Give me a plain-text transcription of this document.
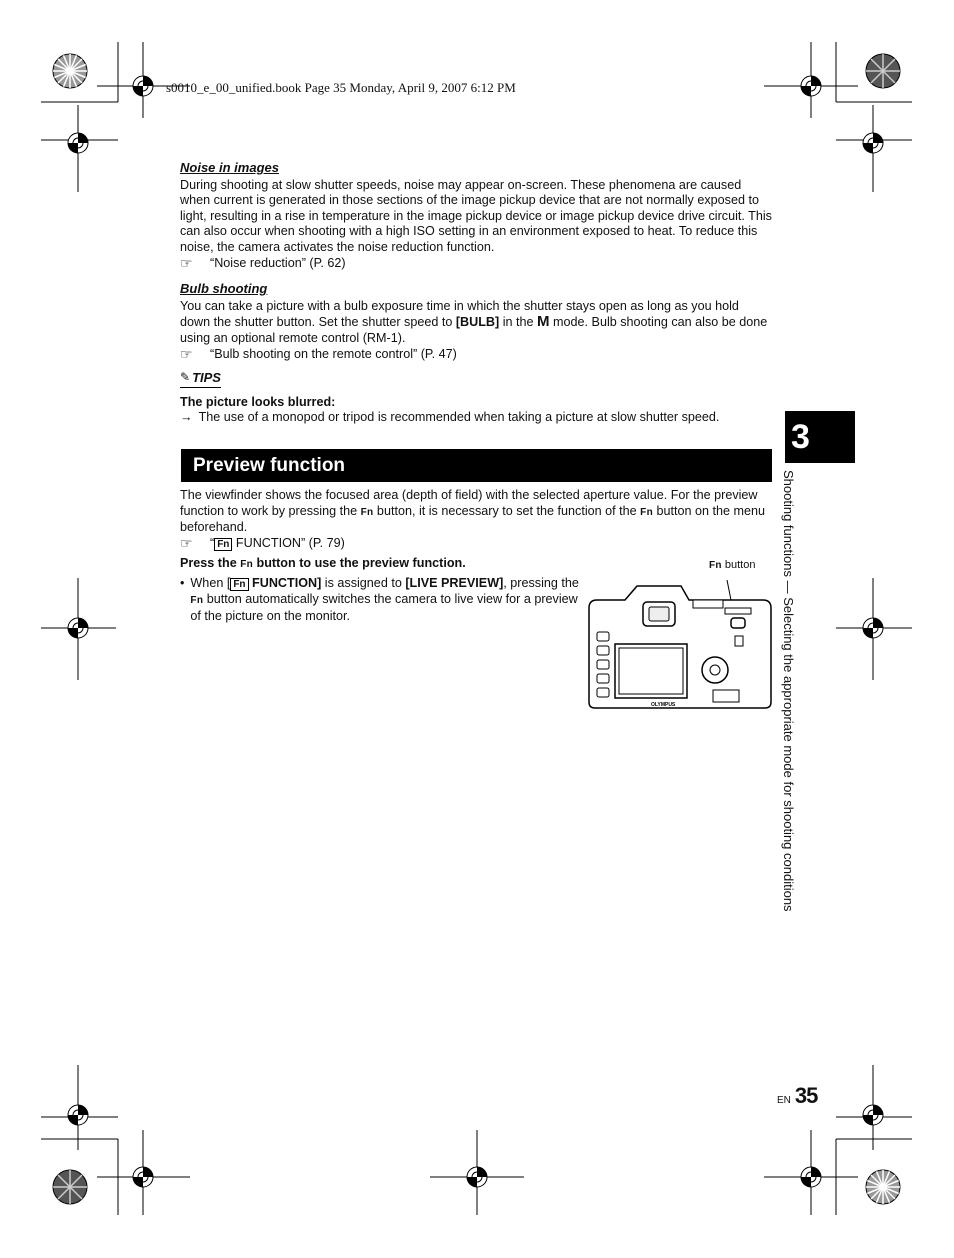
s0010_e_00_unified.book Page 35 Monday, April 9, 2007 6:12 PM
Noise in images

During shooting at slow shutter speeds, noise may appear on-screen. These phenomena are caused when current is generated in those sections of the image pickup device that are not normally exposed to light, resulting in a rise in temperature in the image pickup device or image pickup device drive circuit. This can also occur when shooting with a high ISO setting in an environment exposed to heat. To reduce this noise, the camera activates the noise reduction function.

☞	“Noise reduction” (P. 62)
Bulb shooting

You can take a picture with a bulb exposure time in which the shutter stays open as long as you hold down the shutter button. Set the shutter speed to [BULB] in the M mode. Bulb shooting can also be done using an optional remote control (RM-1).

☞	“Bulb shooting on the remote control” (P. 47)
✎ TIPS
The picture looks blurred:
→ The use of a monopod or tripod is recommended when taking a picture at slow shutter speed.
Preview function

The viewfinder shows the focused area (depth of field) with the selected aperture value. For the preview function to work by pressing the Fn button, it is necessary to set the function of the Fn button on the menu beforehand.

☞	“ Fn FUNCTION” (P. 79)
Press the Fn button to use the preview function.
• When [ Fn FUNCTION] is assigned to [LIVE PREVIEW], pressing the Fn button automatically switches the camera to live view for a preview of the picture on the monitor.
Fn button
OLYMPUS
3
Shooting functions — Selecting the appropriate mode for shooting conditions
EN 35
